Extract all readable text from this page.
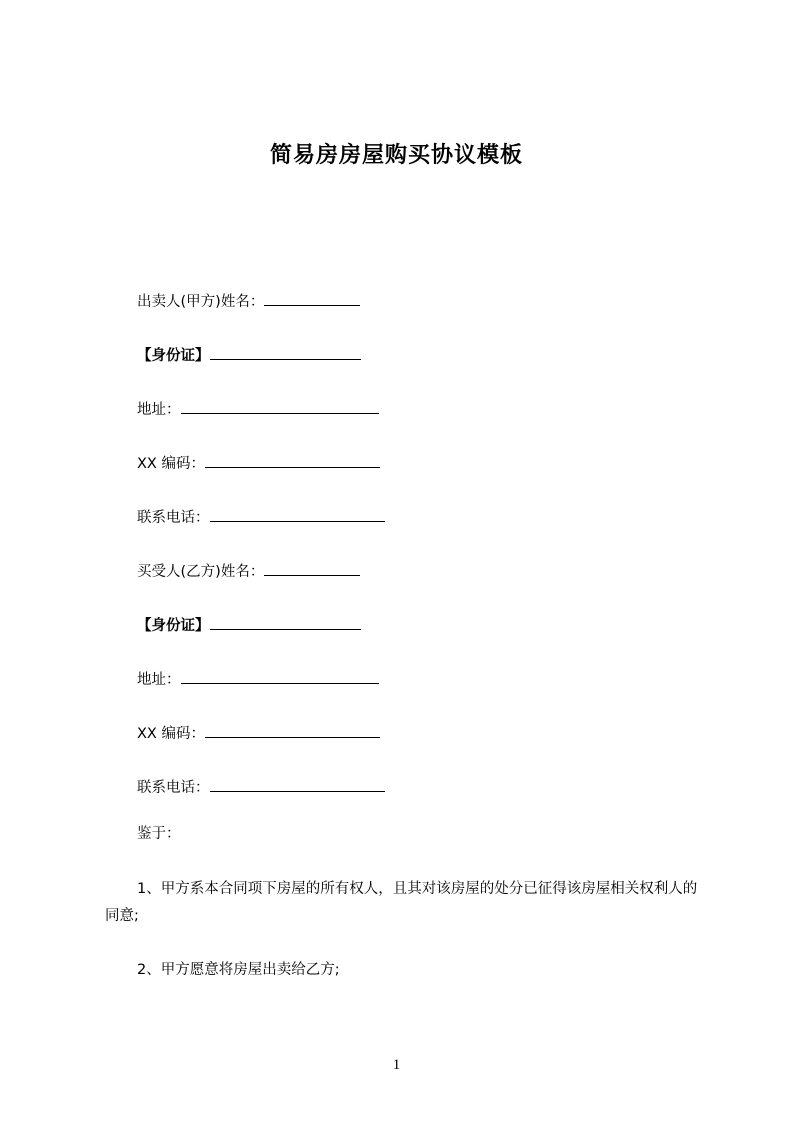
简易房房屋购买协议模板
出卖人(甲方)姓名：
【身份证】
地址：
XX 编码：
联系电话：
买受人(乙方)姓名：
【身份证】
地址：
XX 编码：
联系电话：
鉴于：
1、甲方系本合同项下房屋的所有权人，且其对该房屋的处分已征得该房屋相关权利人的同意;
2、甲方愿意将房屋出卖给乙方;
1
